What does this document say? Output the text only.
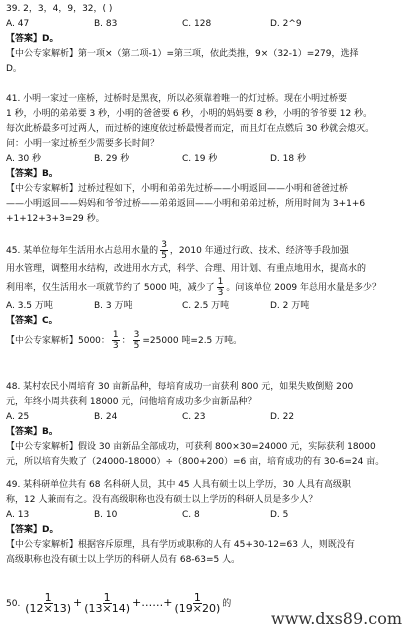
39. 2，3，4，9，32，( )
A. 47	B. 83	C. 128	D. 2^9
【答案】D。
【中公专家解析】第一项×（第二项-1）=第三项，依此类推，9×（32-1）=279，选择
D。
41. 小明一家过一座桥，过桥时是黑夜，所以必须靠着唯一的灯过桥。现在小明过桥要
1 秒，小明的弟弟要 3 秒，小明的爸爸要 6 秒，小明的妈妈要 8 秒，小明的爷爷要 12 秒。
每次此桥最多可过两人，而过桥的速度依过桥最慢者而定，而且灯在点燃后 30 秒就会熄灭。
问：小明一家过桥至少需要多长时间？
A. 30 秒	B. 29 秒	C. 19 秒	D. 18 秒
【答案】B。
【中公专家解析】过桥过程如下，小明和弟弟先过桥——小明返回——小明和爸爸过桥
——小明返回——妈妈和爷爷过桥——弟弟返回——小明和弟弟过桥，所用时间为 3+1+6
+1+12+3+3=29 秒。
45. 某单位每年生活用水占总用水量的 $\frac{3}{5}$ ，2010 年通过行政、技术、经济等手段加强
用水管理，调整用水结构，改进用水方式，科学、合理、用计划、有重点地用水，提高水的
利用率，仅生活用水一项就节约了 5000 吨，减少了 $\frac{1}{3}$ 。问该单位 2009 年总用水量是多少？
A. 3.5 万吨	B. 3 万吨	C. 2.5 万吨	D. 2 万吨
【答案】C。
【中公专家解析】5000： $\frac{1}{3}$ ： $\frac{3}{5} =25000$ 吨=2.5 万吨。
48. 某村农民小周培育 30 亩新品种，每培育成功一亩获利 800 元，如果失败倒赔 200
元，年终小周共获利 18000 元，问他培育成功多少亩新品种？
A. 25	B. 24	C. 23	D. 22
【答案】B。
【中公专家解析】假设 30 亩新品全部成功，可获利 800×30=24000 元，实际获利 18000
元，所以培育失败了（24000-18000）÷（800+200）=6 亩，培育成功的有 30-6=24 亩。
49. 某科研单位共有 68 名科研人员，其中 45 人具有硕士以上学历，30 人具有高级职
称，12 人兼而有之。没有高级职称也没有硕士以上学历的科研人员是多少人？
A. 13	B. 10	C. 8	D. 5
【答案】D。
【中公专家解析】根据容斥原理，具有学历或职称的人有 45+30-12=63 人，则既没有
高级职称也没有硕士以上学历的科研人员有 68-63=5 人。
50. $\frac{1}{(12\times 13)} + \frac{1}{(13\times 14)}$ +……+ $\frac{1}{(19\times 20)}$ 的
www.dxs89.com
